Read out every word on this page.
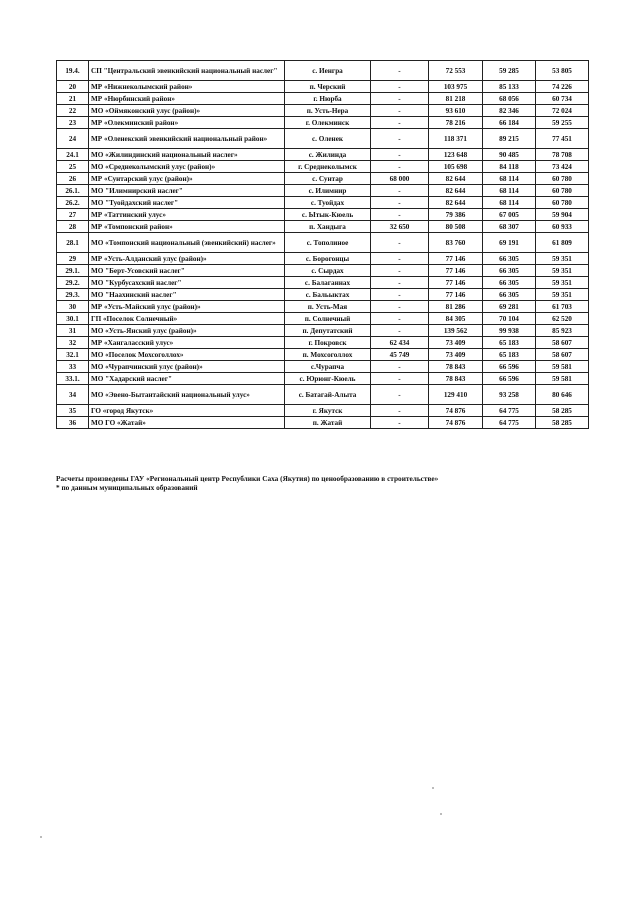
19.4.	СП "Центральский эвенкийский национальный наслег"	с. Иенгра	-	72 553	59 285	53 805
20	МР «Нижнеколымский район»	п. Черский	-	103 975	85 133	74 226
21	МР «Нюрбинский район»	г. Нюрба	-	81 218	68 056	60 734
22	МО «Оймяконский улус (район)»	п. Усть-Нера	-	93 610	82 346	72 024
23	МР «Олекминский район»	г. Олекминск	-	78 216	66 184	59 255
24	МР «Оленекский эвенкийский национальный район»	с. Оленек	-	118 371	89 215	77 451
24.1	МО «Жилиндинский национальный наслег»	с. Жилинда	-	123 648	90 485	78 708
25	МО «Среднеколымский улус (район)»	г. Среднеколымск	-	105 698	84 118	73 424
26	МР «Сунтарский улус (район)»	с. Сунтар	68 000	82 644	68 114	60 780
26.1.	МО "Илимнирский наслег"	с. Илимнир	-	82 644	68 114	60 780
26.2.	МО "Туойдахский наслег"	с. Туойдах	-	82 644	68 114	60 780
27	МР «Таттинский улус»	с. Ытык-Кюель	-	79 386	67 005	59 904
28	МР «Томпонский район»	п. Хандыга	32 650	80 508	68 307	60 933
28.1	МО «Томпонский национальный (эвенкийский) наслег»	с. Тополиное	-	83 760	69 191	61 809
29	МР «Усть-Алданский улус (район)»	с. Борогонцы	-	77 146	66 305	59 351
29.1.	МО "Берт-Усовский наслег"	с. Сырдах	-	77 146	66 305	59 351
29.2.	МО "Курбусахский наслег"	с. Балаганнах	-	77 146	66 305	59 351
29.3.	МО "Наахинский наслег"	с. Бальыктах	-	77 146	66 305	59 351
30	МР «Усть-Майский улус (район)»	п. Усть-Мая	-	81 286	69 281	61 703
30.1	ГП «Поселок Солнечный»	п. Солнечный	-	84 305	70 104	62 520
31	МО «Усть-Янский улус (район)»	п. Депутатский	-	139 562	99 938	85 923
32	МР «Хангаласский улус»	г. Покровск	62 434	73 409	65 183	58 607
32.1	МО «Поселок Мохсоголлох»	п. Мохсоголлох	45 749	73 409	65 183	58 607
33	МО «Чурапчинский улус (район)»	с.Чурапча	-	78 843	66 596	59 581
33.1.	МО "Хадарский наслег"	с. Юрюнг-Кюель	-	78 843	66 596	59 581
34	МО «Эвено-Бытантайский национальный улус»	с. Батагай-Алыта	-	129 410	93 258	80 646
35	ГО «город Якутск»	г. Якутск	-	74 876	64 775	58 285
36	МО ГО «Жатай»	п. Жатай	-	74 876	64 775	58 285
Расчеты произведены ГАУ «Региональный центр Республики Саха (Якутия) по ценообразованию в строительстве»
* по данным муниципальных образований
